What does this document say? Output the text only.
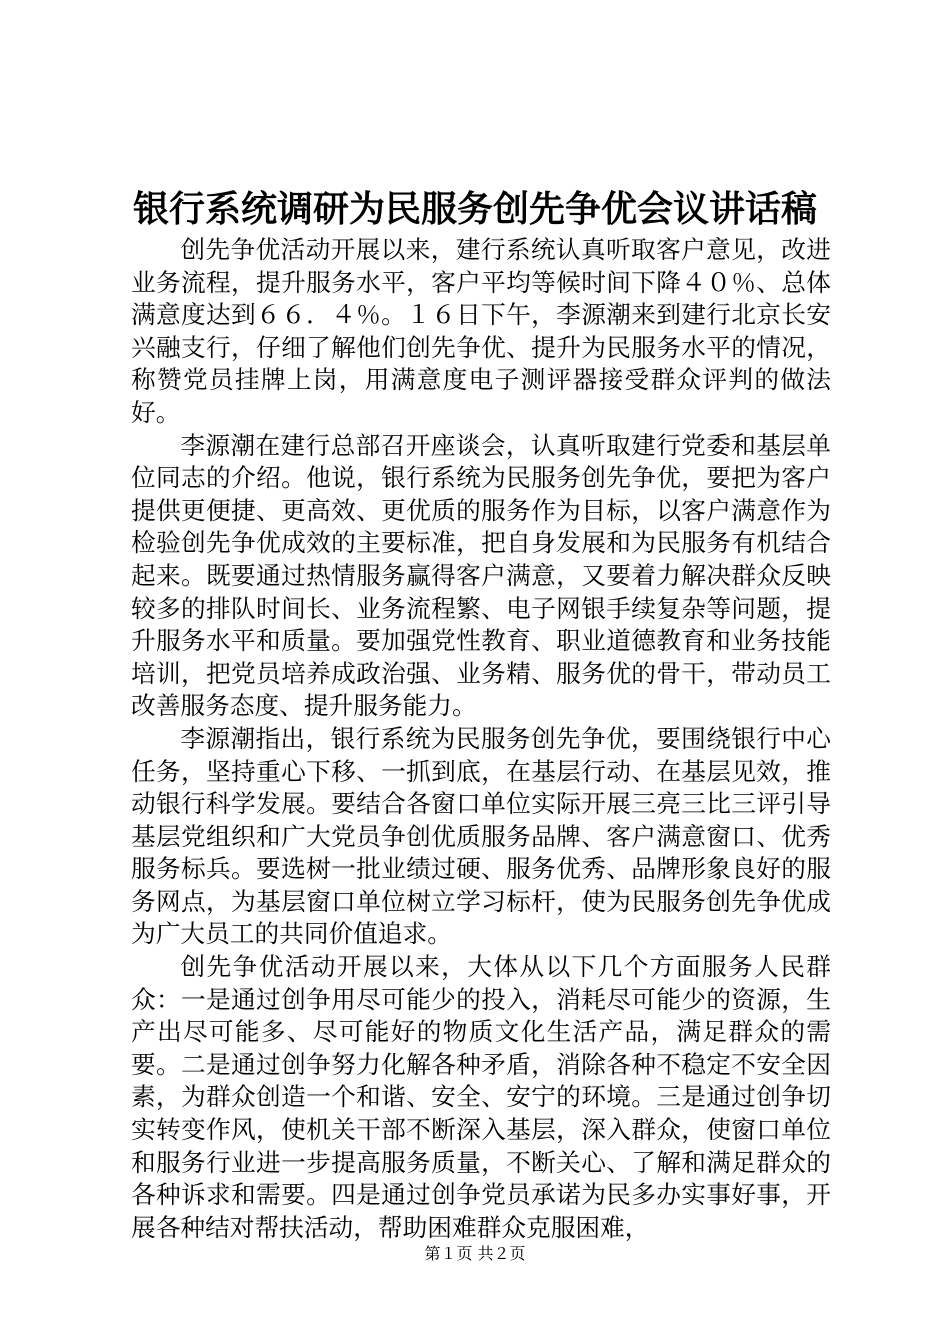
银行系统调研为民服务创先争优会议讲话稿

创先争优活动开展以来，建行系统认真听取客户意见，改进业务流程，提升服务水平，客户平均等候时间下降４０％、总体满意度达到６６．４％。１６日下午，李源潮来到建行北京长安兴融支行，仔细了解他们创先争优、提升为民服务水平的情况，称赞党员挂牌上岗，用满意度电子测评器接受群众评判的做法好。

李源潮在建行总部召开座谈会，认真听取建行党委和基层单位同志的介绍。他说，银行系统为民服务创先争优，要把为客户提供更便捷、更高效、更优质的服务作为目标，以客户满意作为检验创先争优成效的主要标准，把自身发展和为民服务有机结合起来。既要通过热情服务赢得客户满意，又要着力解决群众反映较多的排队时间长、业务流程繁、电子网银手续复杂等问题，提升服务水平和质量。要加强党性教育、职业道德教育和业务技能培训，把党员培养成政治强、业务精、服务优的骨干，带动员工改善服务态度、提升服务能力。

李源潮指出，银行系统为民服务创先争优，要围绕银行中心任务，坚持重心下移、一抓到底，在基层行动、在基层见效，推动银行科学发展。要结合各窗口单位实际开展三亮三比三评引导基层党组织和广大党员争创优质服务品牌、客户满意窗口、优秀服务标兵。要选树一批业绩过硬、服务优秀、品牌形象良好的服务网点，为基层窗口单位树立学习标杆，使为民服务创先争优成为广大员工的共同价值追求。

创先争优活动开展以来，大体从以下几个方面服务人民群众：一是通过创争用尽可能少的投入，消耗尽可能少的资源，生产出尽可能多、尽可能好的物质文化生活产品，满足群众的需要。二是通过创争努力化解各种矛盾，消除各种不稳定不安全因素，为群众创造一个和谐、安全、安宁的环境。三是通过创争切实转变作风，使机关干部不断深入基层，深入群众，使窗口单位和服务行业进一步提高服务质量，不断关心、了解和满足群众的各种诉求和需要。四是通过创争党员承诺为民多办实事好事，开展各种结对帮扶活动，帮助困难群众克服困难，

第１页 共２页
